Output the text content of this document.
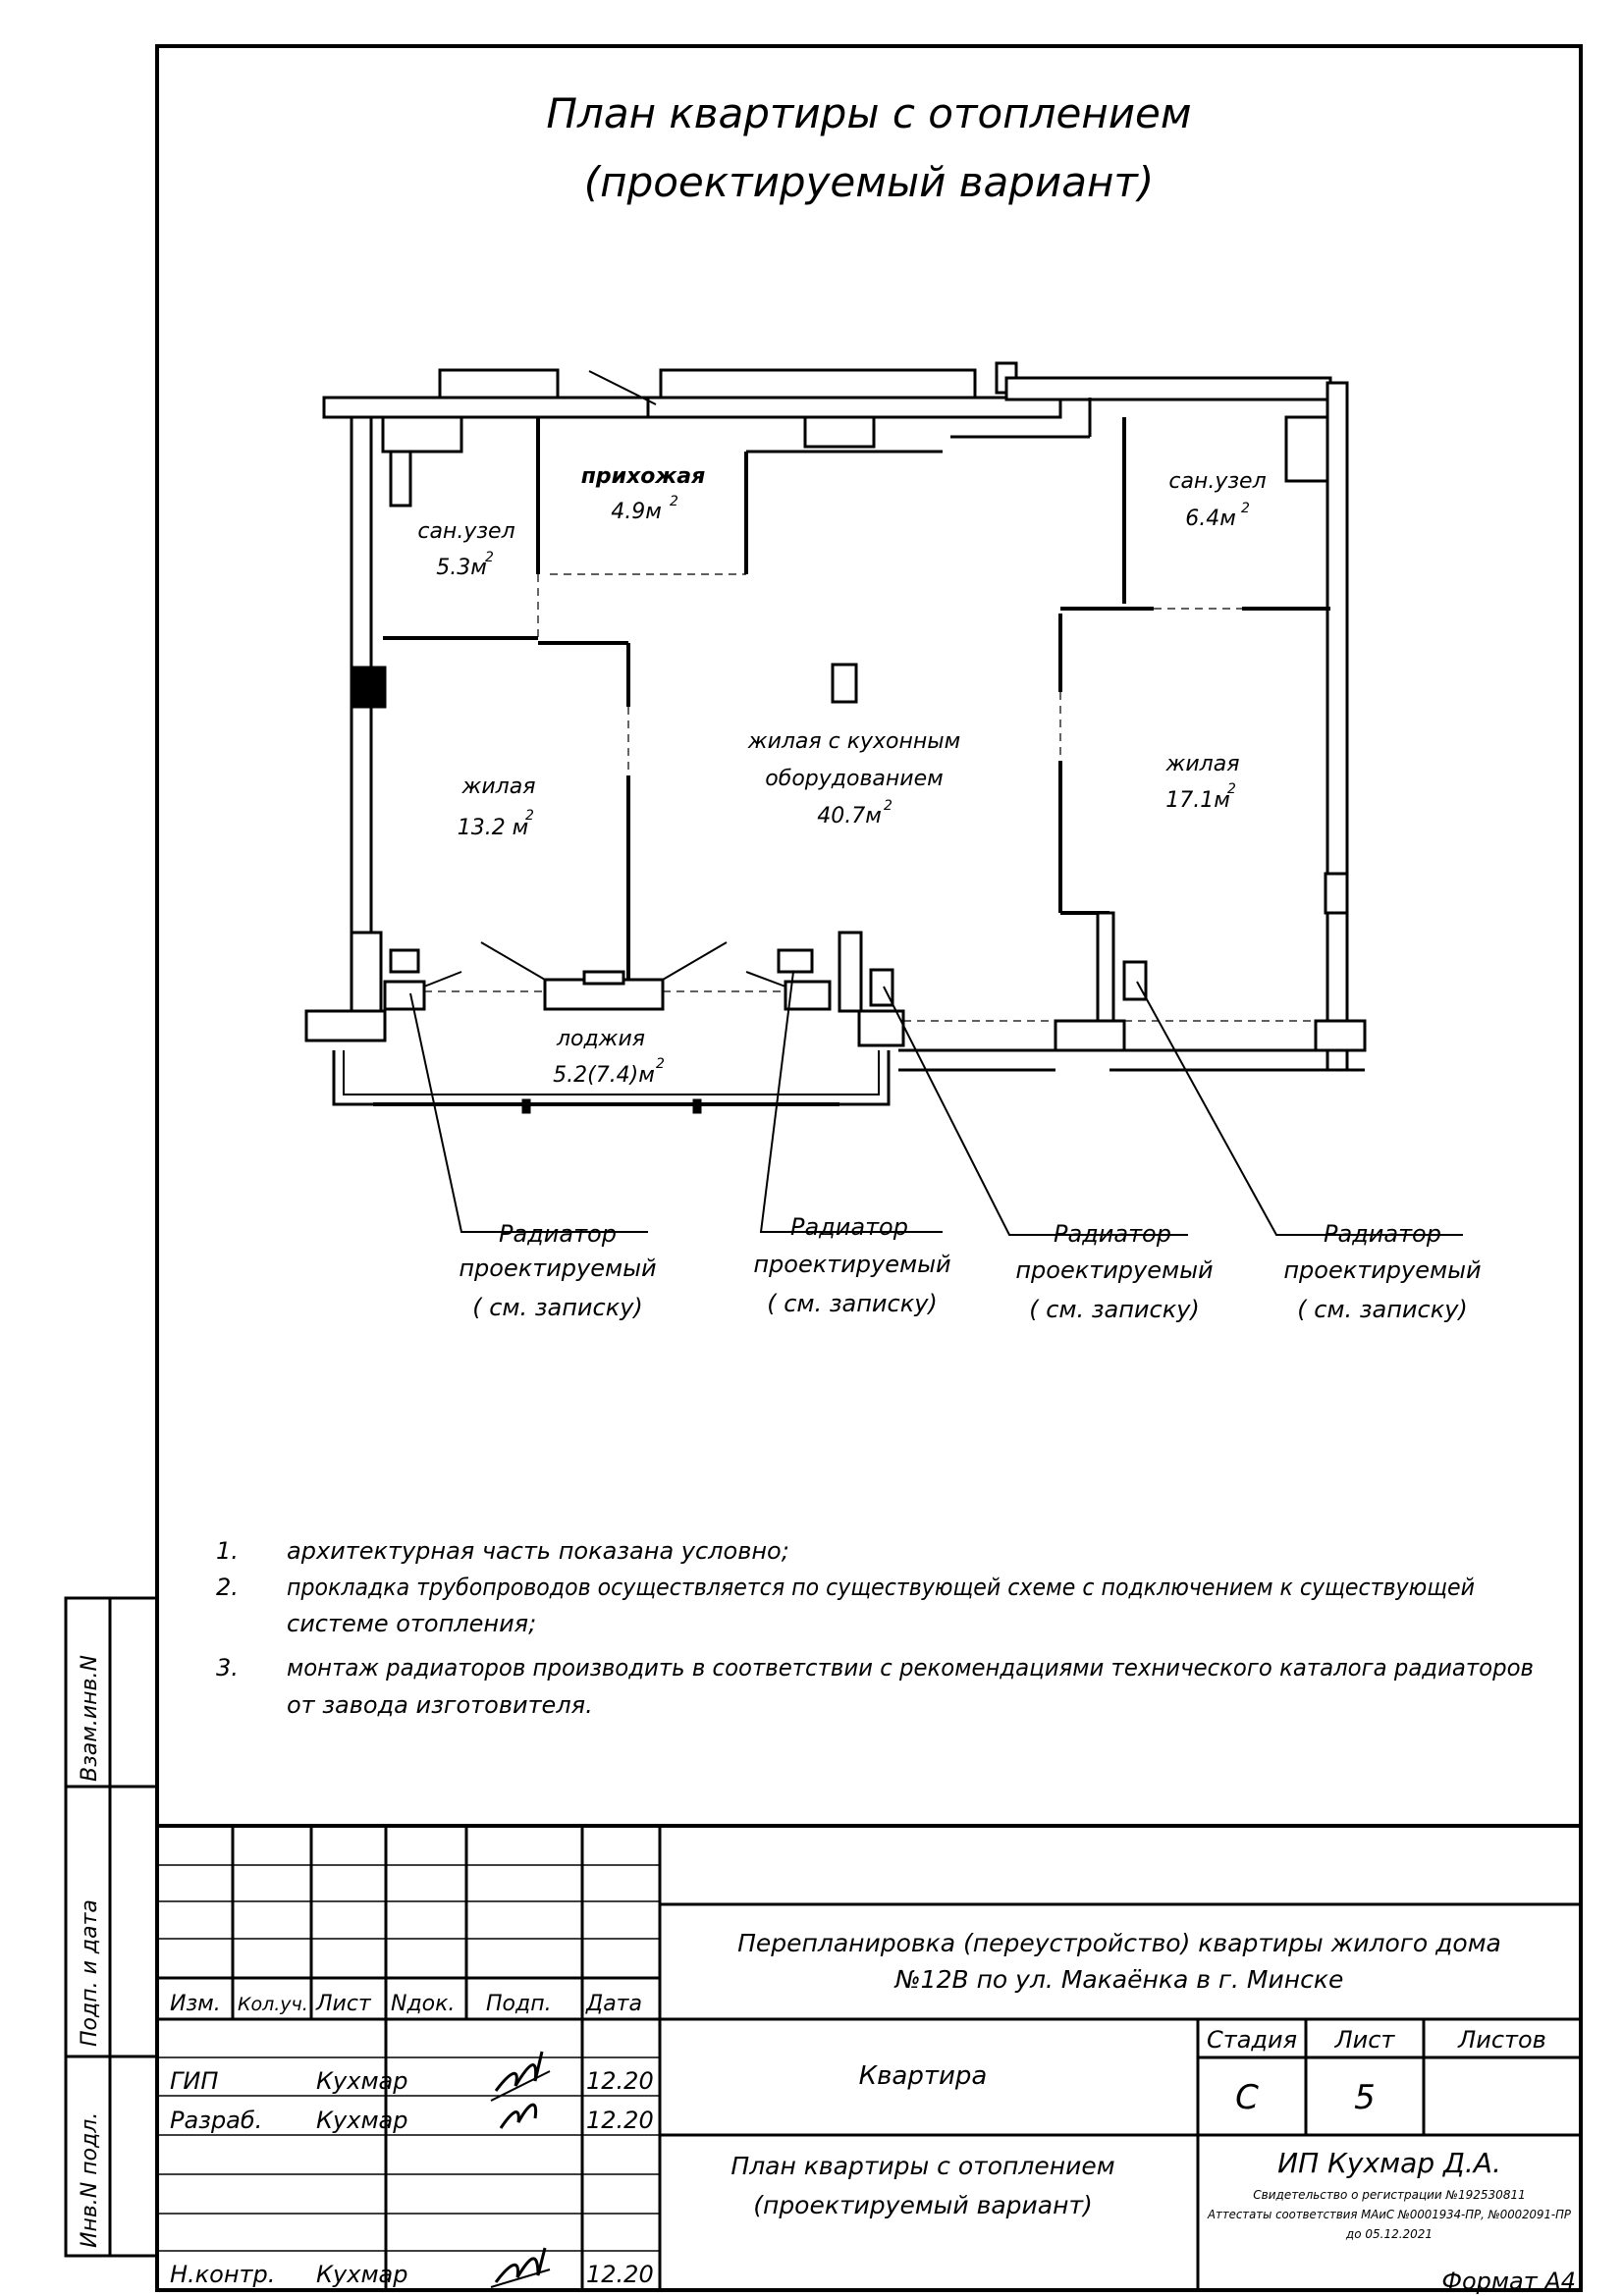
Взам.инв.N
Подп. и дата
Инв.N подл.
План квартиры с отоплением
(проектируемый вариант)
прихожая
4.9м 2
сан.узел
5.3м
2
сан.узел
6.4м 2
жилая с кухонным
оборудованием
40.7м 2
жилая
13.2 м
2
жилая
17.1м
2
лоджия
5.2(7.4)м 2
Радиатор
проектируемый
( см. записку)
Радиатор
проектируемый
( см. записку)
Радиатор
проектируемый
( см. записку)
Радиатор
проектируемый
( см. записку)
1. архитектурная часть показана условно;
2. прокладка трубопроводов осуществляется по существующей схеме с подключением к существующей
системе отопления;
3. монтаж радиаторов производить в соответствии с рекомендациями технического каталога радиаторов
от завода изготовителя.
Изм. Кол.уч. Лист Nдок. Подп. Дата
ГИП	Кухмар	12.20
Разраб. Кухмар	12.20
Н.контр. Кухмар	12.20
Перепланировка (переустройство) квартиры жилого дома
№12В по ул. Макаёнка в г. Минске
Квартира
План квартиры с отоплением
(проектируемый вариант)
Стадия Лист	Листов
С	5
ИП Кухмар Д.А.
Свидетельство о регистрации №192530811
Аттестаты соответствия МАиС №0001934-ПР, №0002091-ПР
до 05.12.2021
Формат А4
